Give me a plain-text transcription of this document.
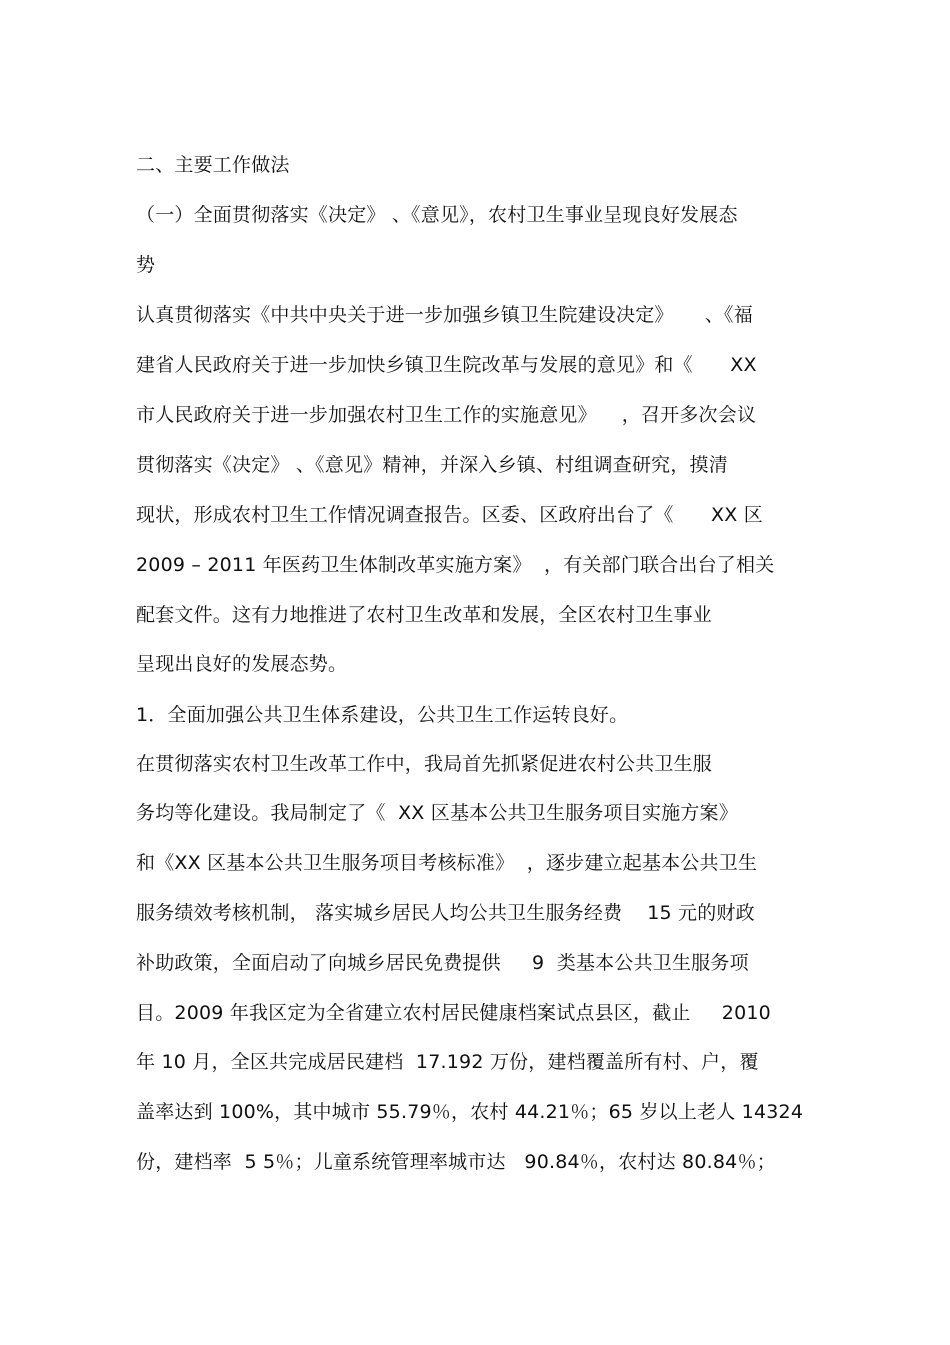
二、主要工作做法
（一）全面贯彻落实《决定》 、《意见》，农村卫生事业呈现良好发展态
势
认真贯彻落实《中共中央关于进一步加强乡镇卫生院建设决定》     、《福
建省人民政府关于进一步加快乡镇卫生院改革与发展的意见》和《      XX
市人民政府关于进一步加强农村卫生工作的实施意见》    ，召开多次会议
贯彻落实《决定》 、《意见》精神，并深入乡镇、村组调查研究，摸清
现状，形成农村卫生工作情况调查报告。区委、区政府出台了《      XX 区
2009 – 2011 年医药卫生体制改革实施方案》  ，有关部门联合出台了相关
配套文件。这有力地推进了农村卫生改革和发展，全区农村卫生事业
呈现出良好的发展态势。
1．全面加强公共卫生体系建设，公共卫生工作运转良好。
在贯彻落实农村卫生改革工作中，我局首先抓紧促进农村公共卫生服
务均等化建设。我局制定了《  XX 区基本公共卫生服务项目实施方案》
和《XX 区基本公共卫生服务项目考核标准》  ，逐步建立起基本公共卫生
服务绩效考核机制， 落实城乡居民人均公共卫生服务经费    15 元的财政
补助政策，全面启动了向城乡居民免费提供     9  类基本公共卫生服务项
目。2009 年我区定为全省建立农村居民健康档案试点县区，截止     2010
年 10 月，全区共完成居民建档  17.192 万份，建档覆盖所有村、户，覆
盖率达到 100%，其中城市 55.79％，农村 44.21％；65 岁以上老人 14324
份，建档率  5 5％；儿童系统管理率城市达   90.84％，农村达 80.84％；
